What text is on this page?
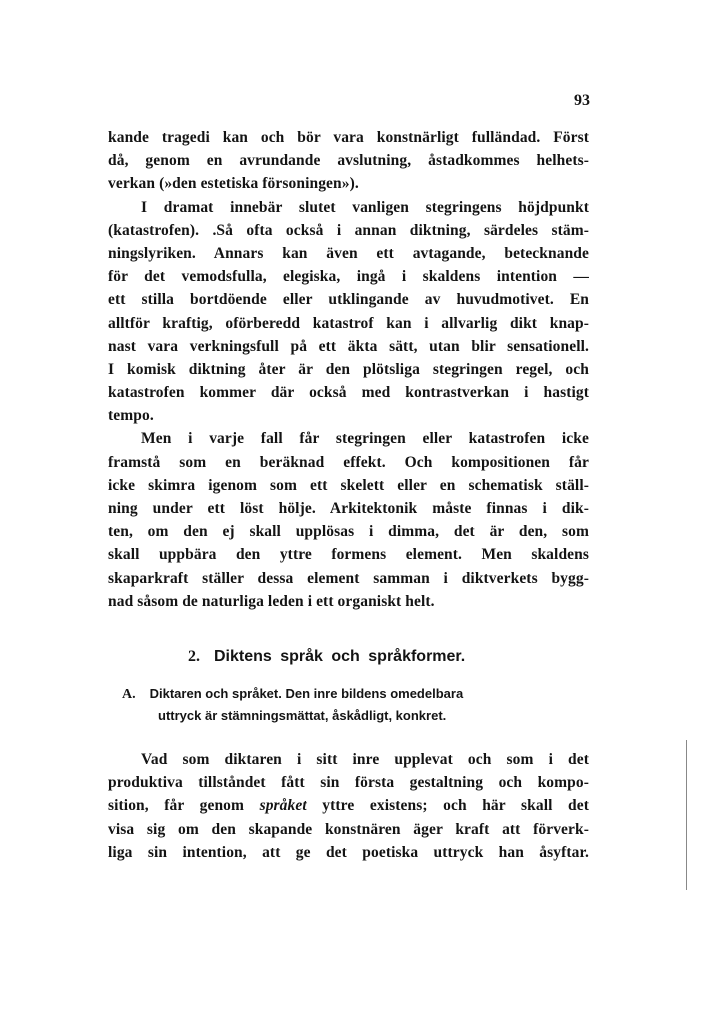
93
kande tragedi kan och bör vara konstnärligt fulländad. Först
då, genom en avrundande avslutning, åstadkommes helhets-
verkan (»den estetiska försoningen»).
I dramat innebär slutet vanligen stegringens höjdpunkt
(katastrofen). .Så ofta också i annan diktning, särdeles stäm-
ningslyriken. Annars kan även ett avtagande, betecknande
för det vemodsfulla, elegiska, ingå i skaldens intention —
ett stilla bortdöende eller utklingande av huvudmotivet. En
alltför kraftig, oförberedd katastrof kan i allvarlig dikt knap-
nast vara verkningsfull på ett äkta sätt, utan blir sensationell.
I komisk diktning åter är den plötsliga stegringen regel, och
katastrofen kommer där också med kontrastverkan i hastigt
tempo.
Men i varje fall får stegringen eller katastrofen icke
framstå som en beräknad effekt. Och kompositionen får
icke skimra igenom som ett skelett eller en schematisk ställ-
ning under ett löst hölje. Arkitektonik måste finnas i dik-
ten, om den ej skall upplösas i dimma, det är den, som
skall uppbära den yttre formens element. Men skaldens
skaparkraft ställer dessa element samman i diktverkets bygg-
nad såsom de naturliga leden i ett organiskt helt.
2. Diktens språk och språkformer.
A. Diktaren och språket. Den inre bildens omedelbara
uttryck är stämningsmättat, åskådligt, konkret.
Vad som diktaren i sitt inre upplevat och som i det
produktiva tillståndet fått sin första gestaltning och kompo-
sition, får genom språket yttre existens; och här skall det
visa sig om den skapande konstnären äger kraft att förverk-
liga sin intention, att ge det poetiska uttryck han åsyftar.
